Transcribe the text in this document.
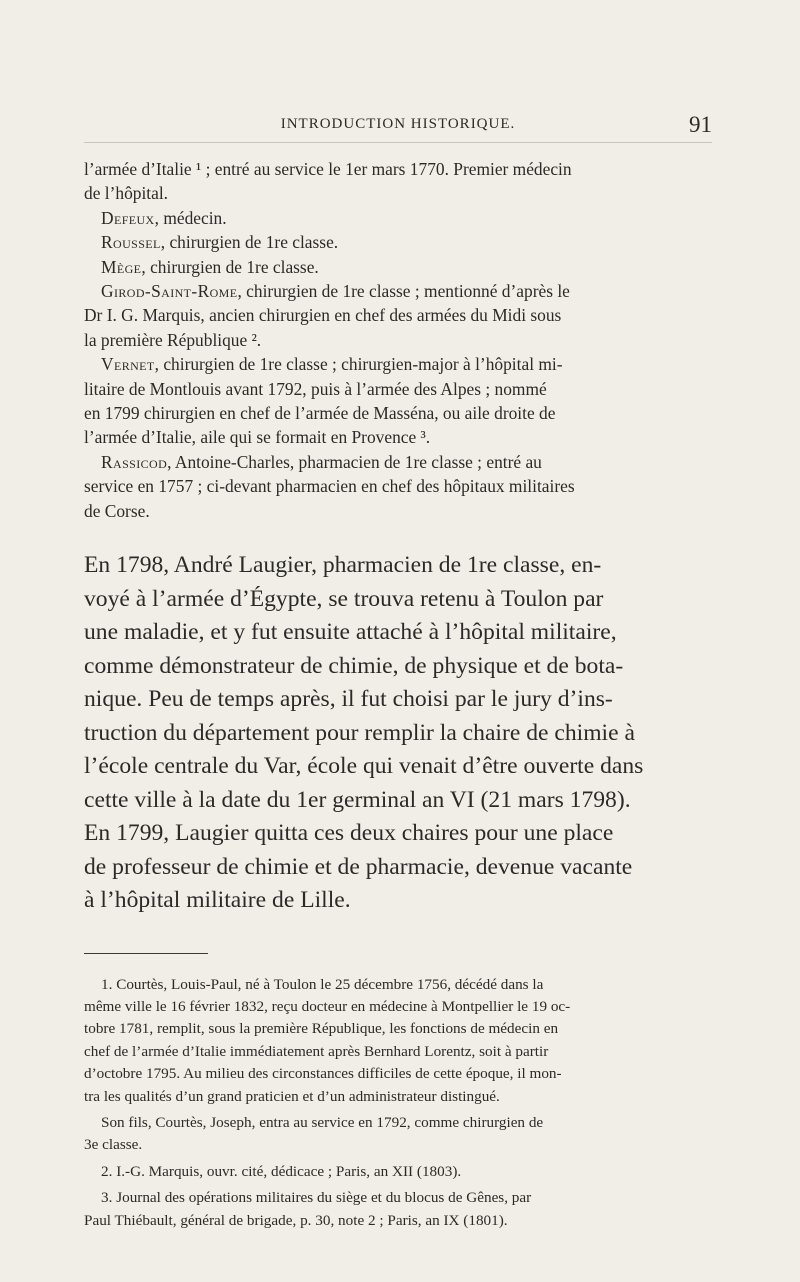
INTRODUCTION HISTORIQUE.	91

l’armée d’Italie ¹ ; entré au service le 1er mars 1770. Premier médecin
de l’hôpital.

Defeux, médecin.

Roussel, chirurgien de 1re classe.

Mège, chirurgien de 1re classe.

Girod-Saint-Rome, chirurgien de 1re classe ; mentionné d’après le
Dr I. G. Marquis, ancien chirurgien en chef des armées du Midi sous
la première République ².

Vernet, chirurgien de 1re classe ; chirurgien-major à l’hôpital mi-
litaire de Montlouis avant 1792, puis à l’armée des Alpes ; nommé
en 1799 chirurgien en chef de l’armée de Masséna, ou aile droite de
l’armée d’Italie, aile qui se formait en Provence ³.

Rassicod, Antoine-Charles, pharmacien de 1re classe ; entré au
service en 1757 ; ci-devant pharmacien en chef des hôpitaux militaires
de Corse.

En 1798, André Laugier, pharmacien de 1re classe, en-
voyé à l’armée d’Égypte, se trouva retenu à Toulon par
une maladie, et y fut ensuite attaché à l’hôpital militaire,
comme démonstrateur de chimie, de physique et de bota-
nique. Peu de temps après, il fut choisi par le jury d’ins-
truction du département pour remplir la chaire de chimie à
l’école centrale du Var, école qui venait d’être ouverte dans
cette ville à la date du 1er germinal an VI (21 mars 1798).
En 1799, Laugier quitta ces deux chaires pour une place
de professeur de chimie et de pharmacie, devenue vacante
à l’hôpital militaire de Lille.

1. Courtès, Louis-Paul, né à Toulon le 25 décembre 1756, décédé dans la
même ville le 16 février 1832, reçu docteur en médecine à Montpellier le 19 oc-
tobre 1781, remplit, sous la première République, les fonctions de médecin en
chef de l’armée d’Italie immédiatement après Bernhard Lorentz, soit à partir
d’octobre 1795. Au milieu des circonstances difficiles de cette époque, il mon-
tra les qualités d’un grand praticien et d’un administrateur distingué.

Son fils, Courtès, Joseph, entra au service en 1792, comme chirurgien de
3e classe.

2. I.-G. Marquis, ouvr. cité, dédicace ; Paris, an XII (1803).

3. Journal des opérations militaires du siège et du blocus de Gênes, par
Paul Thiébault, général de brigade, p. 30, note 2 ; Paris, an IX (1801).
